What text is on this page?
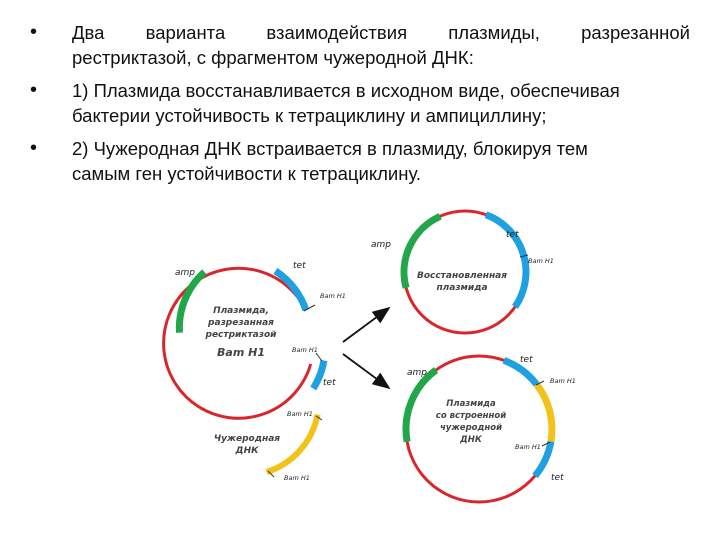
• Два варианта взаимодействия плазмиды, разрезанной
рестриктазой, с фрагментом чужеродной ДНК:
• 1) Плазмида восстанавливается в исходном виде, обеспечивая
бактерии устойчивость к тетрациклину и ампициллину;
• 2) Чужеродная ДНК встраивается в плазмиду, блокируя тем
самым ген устойчивости к тетрациклину.
amp
tet
Bam H1
Bam H1
tet
Плазмида,
разрезанная
рестриктазой
Bam H1
Bam H1
Bam H1
Чужеродная
ДНК
amp
tet
Bam H1
Восстановленная
плазмида
amp
tet
Bam H1
Bam H1
tet
Плазмида
со встроенной
чужеродной
ДНК
